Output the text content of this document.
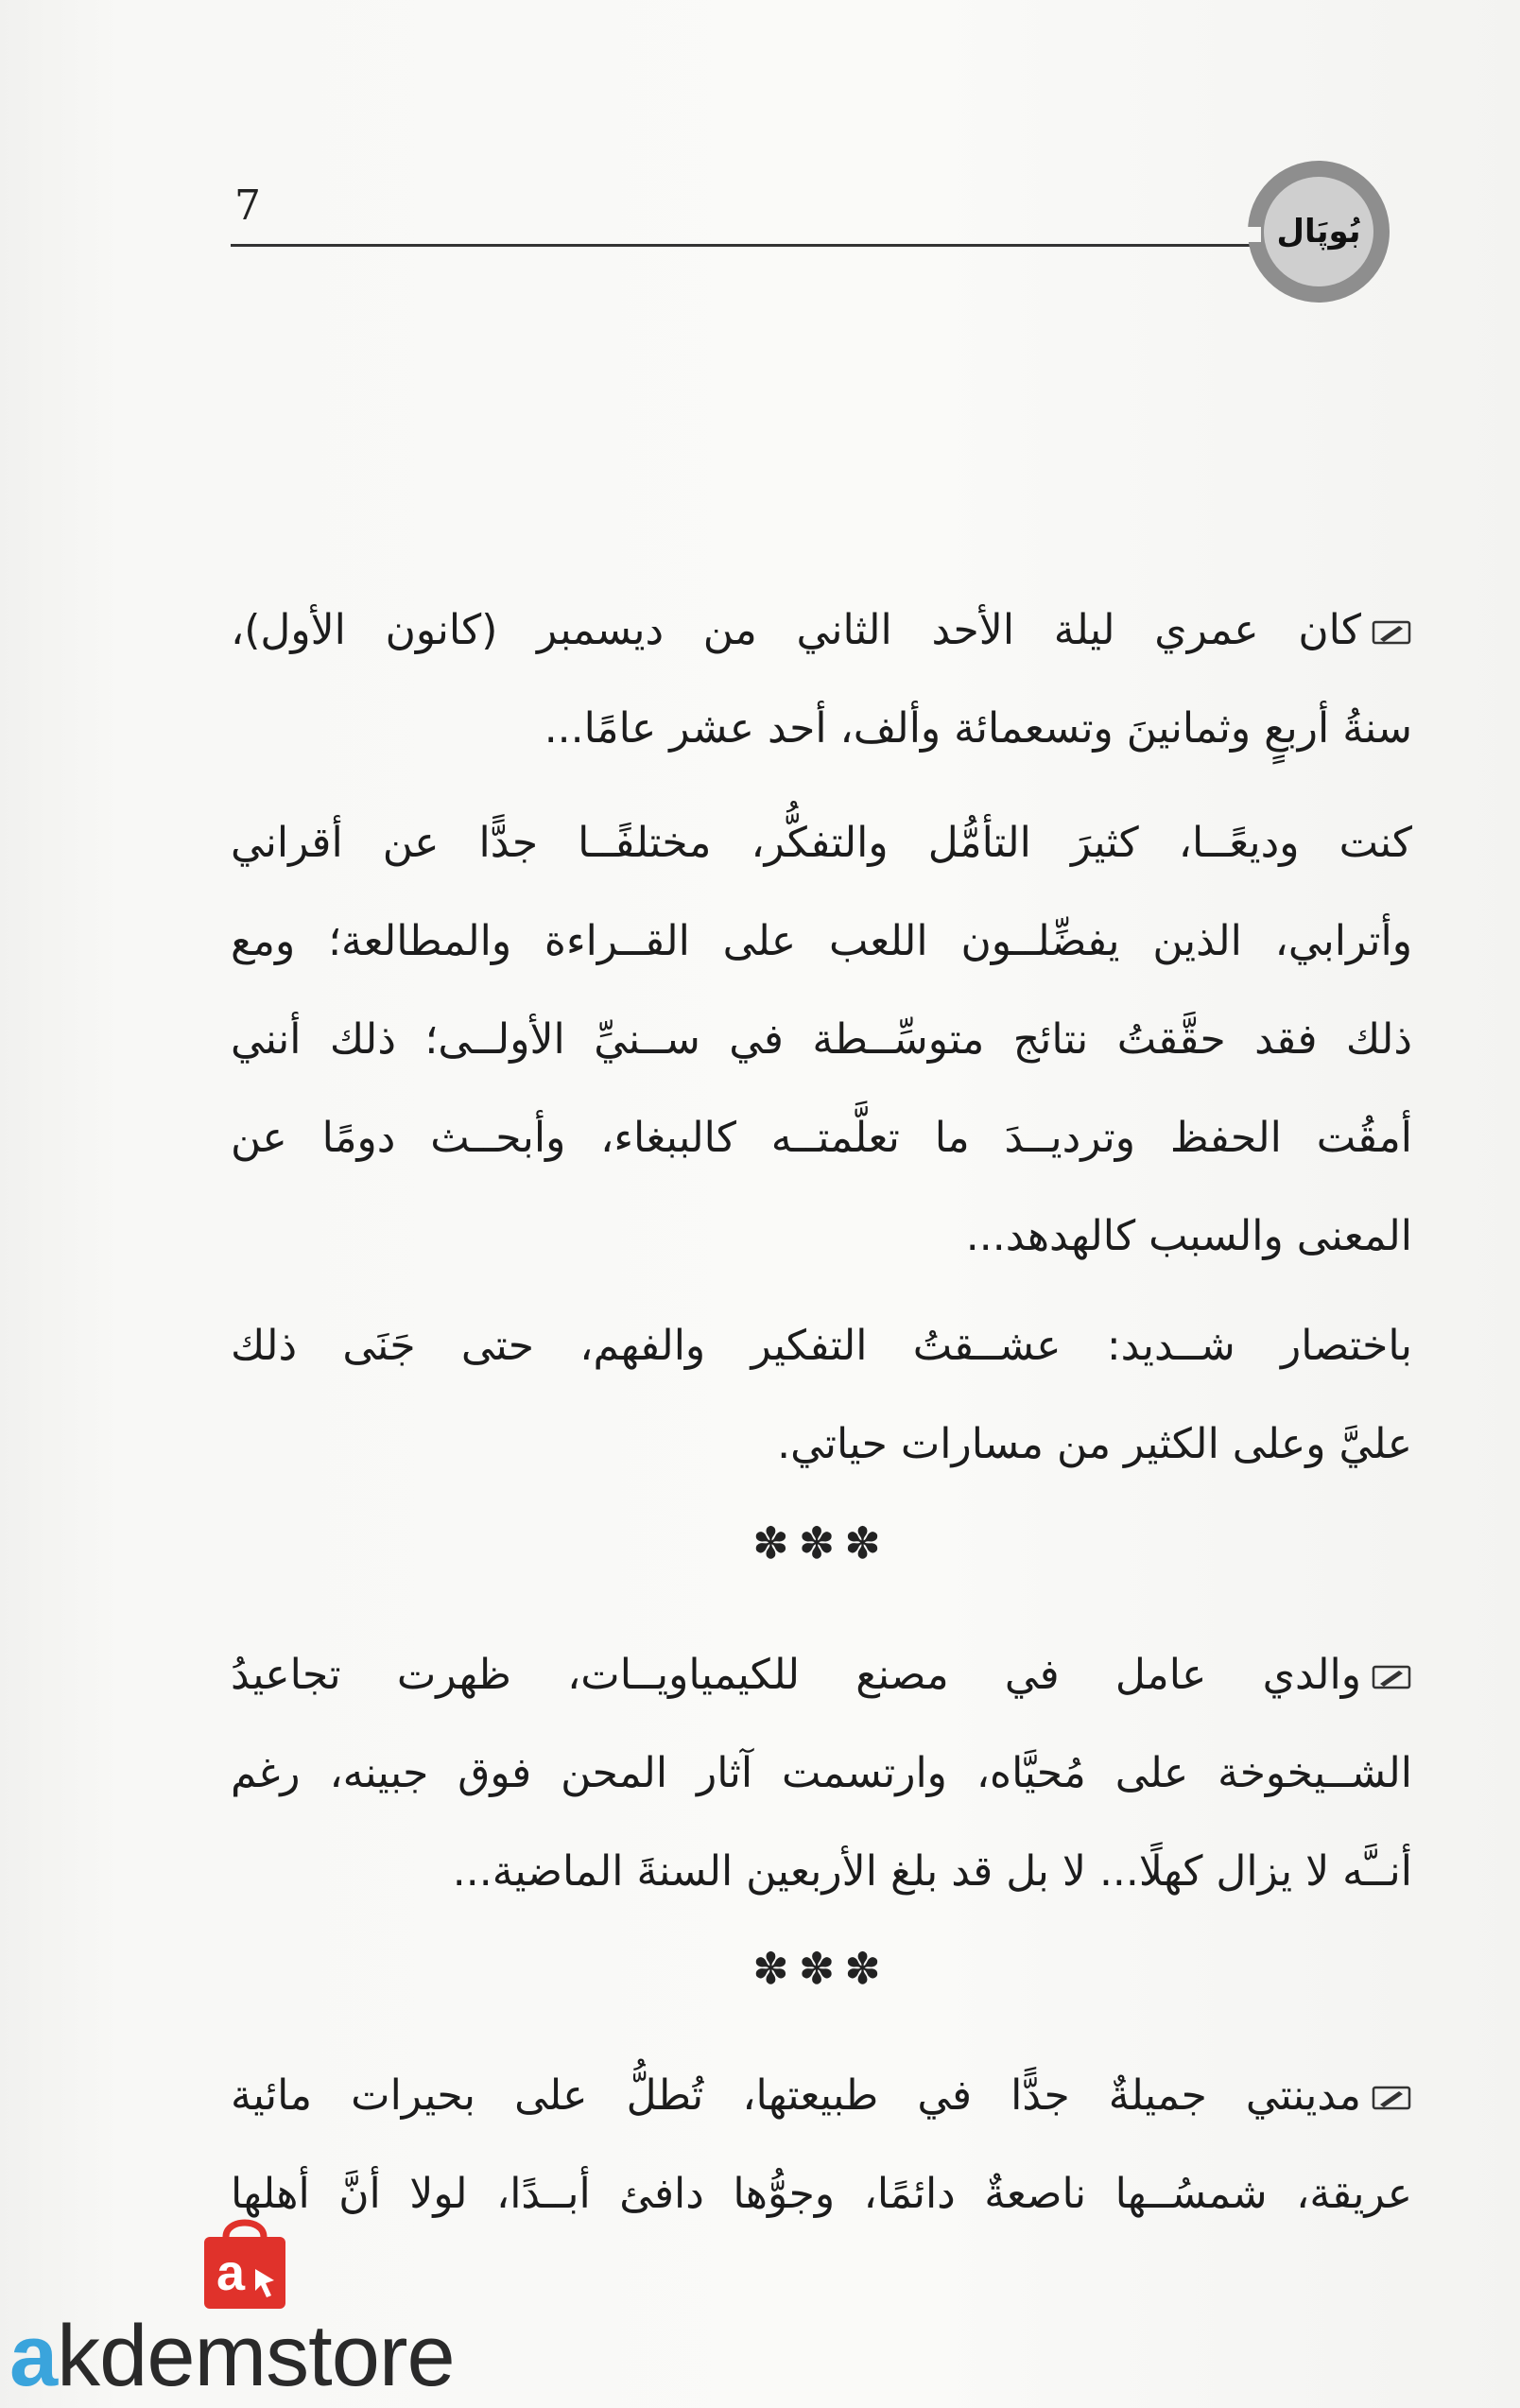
7
بُوپَال
كان عمري ليلة الأحد الثاني من ديسمبر (كانون الأول)،
سنةُ أربعٍ وثمانينَ وتسعمائة وألف، أحد عشر عامًا...
كنت وديعًــا، كثيرَ التأمُّل والتفكُّر، مختلفًــا جدًّا عن أقراني
وأترابي، الذين يفضِّلــون اللعب على القــراءة والمطالعة؛ ومع
ذلك فقد حقَّقتُ نتائج متوسِّــطة في ســنيِّ الأولــى؛ ذلك أنني
أمقُت الحفظ وترديــدَ ما تعلَّمتــه كالببغاء، وأبحــث دومًا عن
المعنى والسبب كالهدهد...
باختصار شــديد: عشــقتُ التفكير والفهم، حتى جَنَى ذلك
عليَّ وعلى الكثير من مسارات حياتي.
✽✽✽
والدي عامل في مصنع للكيمياويــات، ظهرت تجاعيدُ
الشــيخوخة على مُحيَّاه، وارتسمت آثار المحن فوق جبينه، رغم
أنــَّه لا يزال كهلًا... لا بل قد بلغ الأربعين السنةَ الماضية...
✽✽✽
مدينتي جميلةٌ جدًّا في طبيعتها، تُطلُّ على بحيرات مائية
عريقة، شمسُــها ناصعةٌ دائمًا، وجوُّها دافئ أبــدًا، لولا أنَّ أهلها
a
akdemstore
